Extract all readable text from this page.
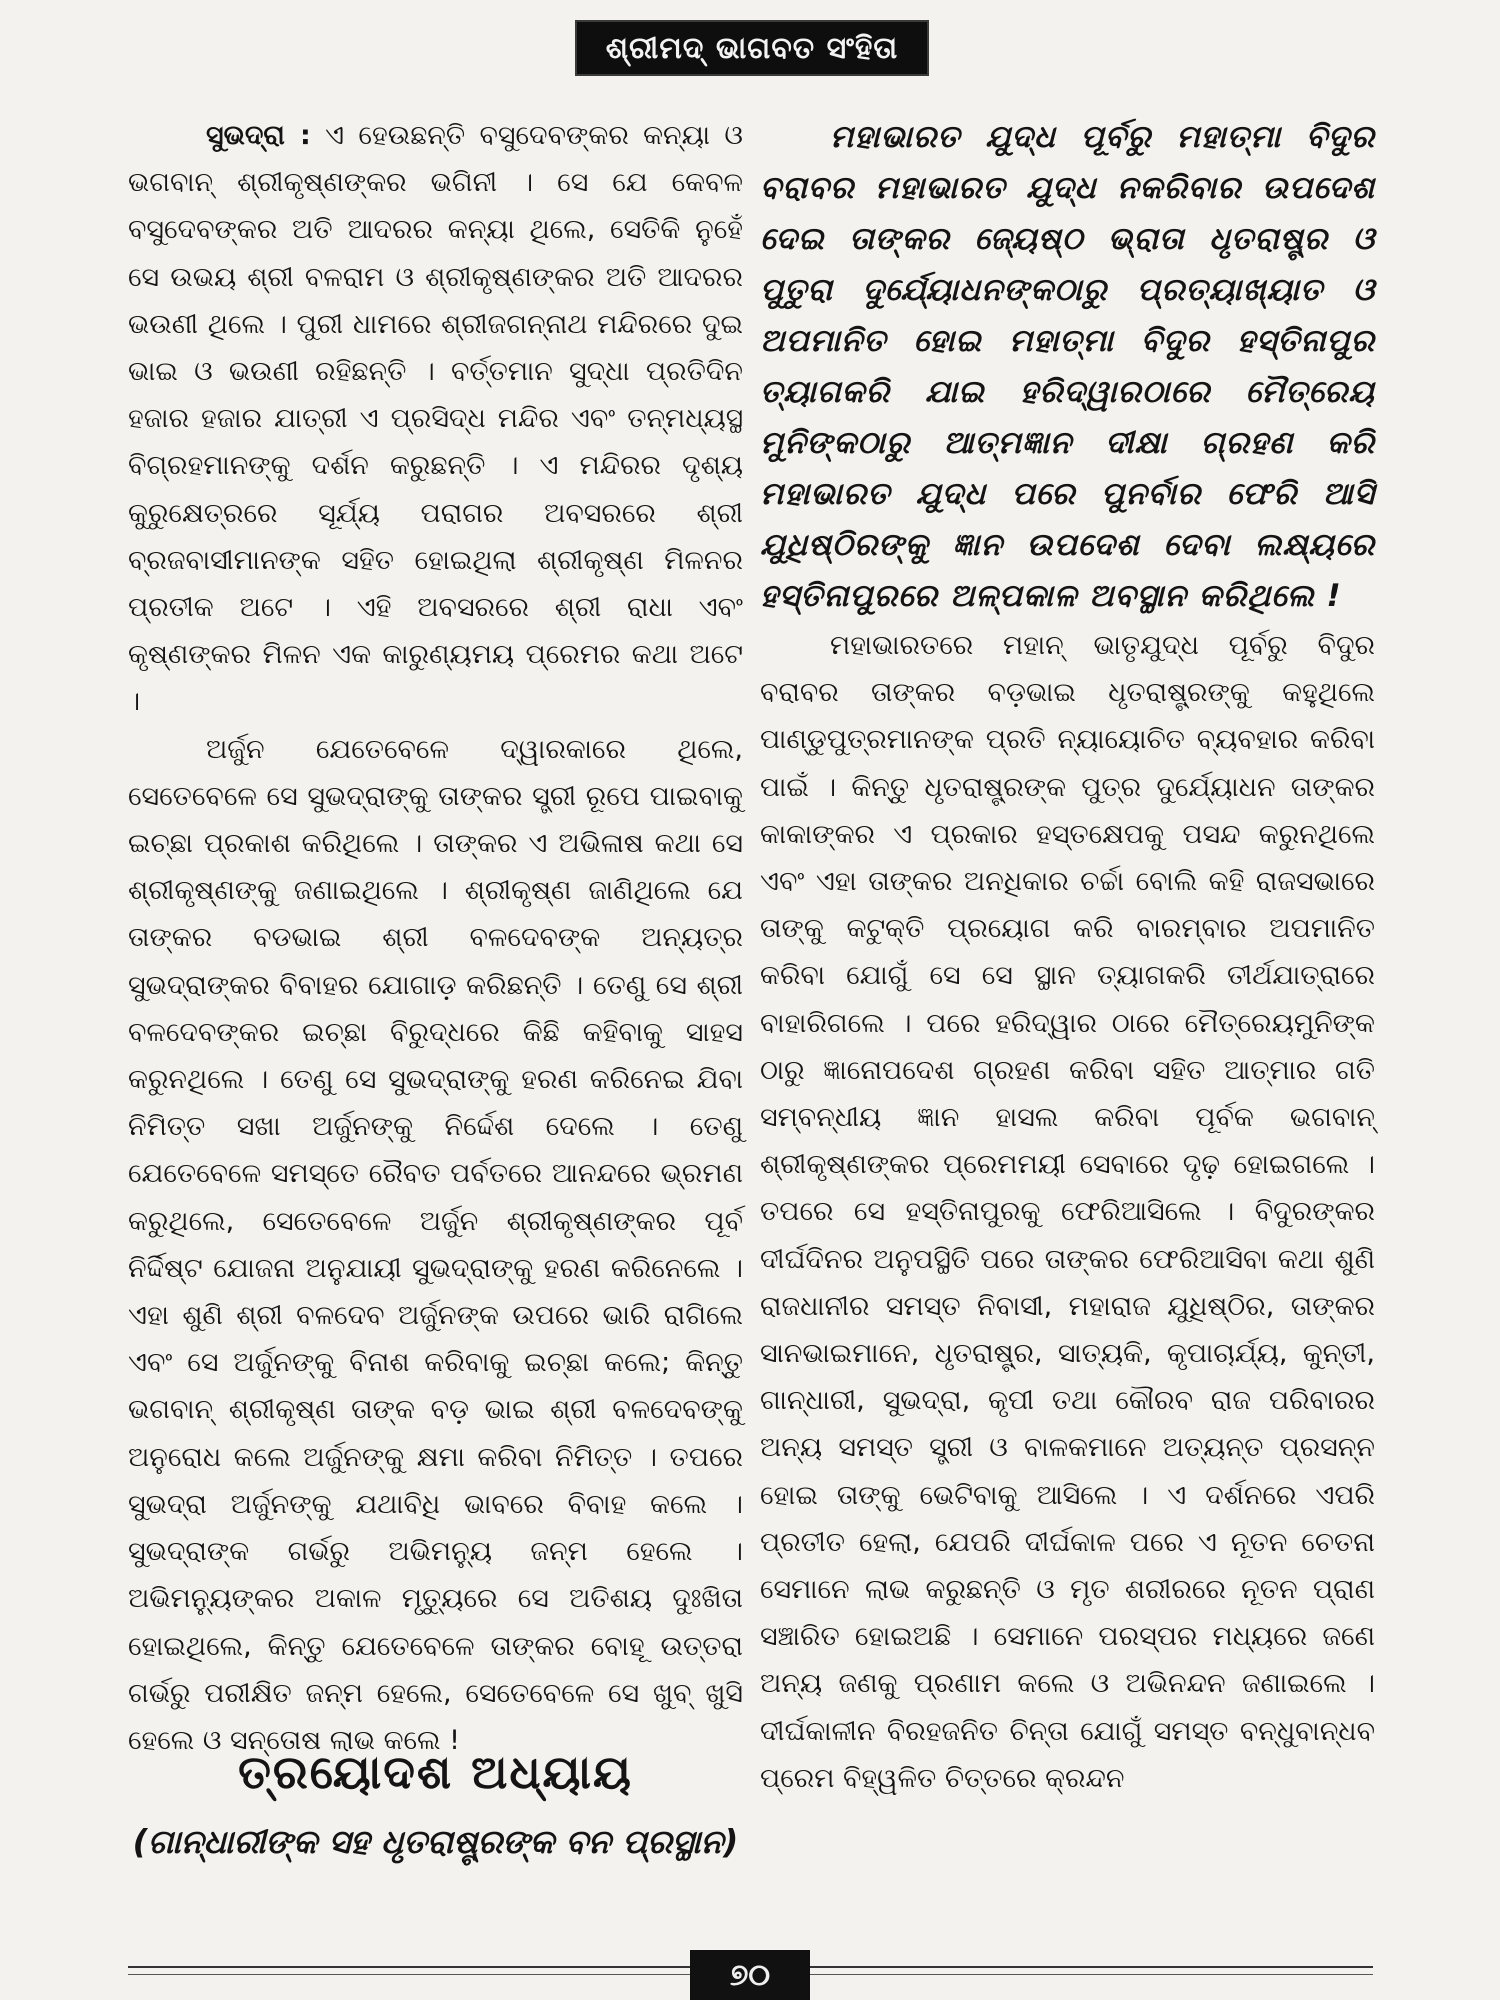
ଶ୍ରୀମଦ୍ ଭାଗବତ ସଂହିତା

ସୁଭଦ୍ରା : ଏ ହେଉଛନ୍ତି ବସୁଦେବଙ୍କର କନ୍ୟା ଓ ଭଗବାନ୍ ଶ୍ରୀକୃଷ୍ଣଙ୍କର ଭଗିନୀ । ସେ ଯେ କେବଳ ବସୁଦେବଙ୍କର ଅତି ଆଦରର କନ୍ୟା ଥିଲେ, ସେତିକି ନୁହେଁ ସେ ଉଭୟ ଶ୍ରୀ ବଳରାମ ଓ ଶ୍ରୀକୃଷ୍ଣଙ୍କର ଅତି ଆଦରର ଭଉଣୀ ଥିଲେ । ପୁରୀ ଧାମରେ ଶ୍ରୀଜଗନ୍ନାଥ ମନ୍ଦିରରେ ଦୁଇ ଭାଇ ଓ ଭଉଣୀ ରହିଛନ୍ତି । ବର୍ତ୍ତମାନ ସୁଦ୍ଧା ପ୍ରତିଦିନ ହଜାର ହଜାର ଯାତ୍ରୀ ଏ ପ୍ରସିଦ୍ଧ ମନ୍ଦିର ଏବଂ ତନ୍ମଧ୍ୟସ୍ଥ ବିଗ୍ରହମାନଙ୍କୁ ଦର୍ଶନ କରୁଛନ୍ତି । ଏ ମନ୍ଦିରର ଦୃଶ୍ୟ କୁରୁକ୍ଷେତ୍ରରେ ସୂର୍ଯ୍ୟ ପରାଗର ଅବସରରେ ଶ୍ରୀ ବ୍ରଜବାସୀମାନଙ୍କ ସହିତ ହୋଇଥିଲା ଶ୍ରୀକୃଷ୍ଣ ମିଳନର ପ୍ରତୀକ ଅଟେ । ଏହି ଅବସରରେ ଶ୍ରୀ ରାଧା ଏବଂ କୃଷ୍ଣଙ୍କର ମିଳନ ଏକ କାରୁଣ୍ୟମୟ ପ୍ରେମର କଥା ଅଟେ ।

ଅର୍ଜୁନ ଯେତେବେଳେ ଦ୍ୱାରକାରେ ଥିଲେ, ସେତେବେଳେ ସେ ସୁଭଦ୍ରାଙ୍କୁ ତାଙ୍କର ସ୍ତ୍ରୀ ରୂପେ ପାଇବାକୁ ଇଚ୍ଛା ପ୍ରକାଶ କରିଥିଲେ । ତାଙ୍କର ଏ ଅଭିଳାଷ କଥା ସେ ଶ୍ରୀକୃଷ୍ଣଙ୍କୁ ଜଣାଇଥିଲେ । ଶ୍ରୀକୃଷ୍ଣ ଜାଣିଥିଲେ ଯେ ତାଙ୍କର ବଡଭାଇ ଶ୍ରୀ ବଳଦେବଙ୍କ ଅନ୍ୟତ୍ର ସୁଭଦ୍ରାଙ୍କର ବିବାହର ଯୋଗାଡ଼ କରିଛନ୍ତି । ତେଣୁ ସେ ଶ୍ରୀ ବଳଦେବଙ୍କର ଇଚ୍ଛା ବିରୁଦ୍ଧରେ କିଛି କହିବାକୁ ସାହସ କରୁନଥିଲେ । ତେଣୁ ସେ ସୁଭଦ୍ରାଙ୍କୁ ହରଣ କରିନେଇ ଯିବା ନିମିତ୍ତ ସଖା ଅର୍ଜୁନଙ୍କୁ ନିର୍ଦ୍ଦେଶ ଦେଲେ । ତେଣୁ ଯେତେବେଳେ ସମସ୍ତେ ରୈବତ ପର୍ବତରେ ଆନନ୍ଦରେ ଭ୍ରମଣ କରୁଥିଲେ, ସେତେବେଳେ ଅର୍ଜୁନ ଶ୍ରୀକୃଷ୍ଣଙ୍କର ପୂର୍ବ ନିର୍ଦ୍ଦିଷ୍ଟ ଯୋଜନା ଅନୁଯାୟୀ ସୁଭଦ୍ରାଙ୍କୁ ହରଣ କରିନେଲେ । ଏହା ଶୁଣି ଶ୍ରୀ ବଳଦେବ ଅର୍ଜୁନଙ୍କ ଉପରେ ଭାରି ରାଗିଲେ ଏବଂ ସେ ଅର୍ଜୁନଙ୍କୁ ବିନାଶ କରିବାକୁ ଇଚ୍ଛା କଲେ; କିନ୍ତୁ ଭଗବାନ୍ ଶ୍ରୀକୃଷ୍ଣ ତାଙ୍କ ବଡ଼ ଭାଇ ଶ୍ରୀ ବଳଦେବଙ୍କୁ ଅନୁରୋଧ କଲେ ଅର୍ଜୁନଙ୍କୁ କ୍ଷମା କରିବା ନିମିତ୍ତ । ତପରେ ସୁଭଦ୍ରା ଅର୍ଜୁନଙ୍କୁ ଯଥାବିଧି ଭାବରେ ବିବାହ କଲେ । ସୁଭଦ୍ରାଙ୍କ ଗର୍ଭରୁ ଅଭିମନ୍ୟୁ ଜନ୍ମ ହେଲେ । ଅଭିମନ୍ୟୁଙ୍କର ଅକାଳ ମୃତ୍ୟୁରେ ସେ ଅତିଶୟ ଦୁଃଖିତା ହୋଇଥିଲେ, କିନ୍ତୁ ଯେତେବେଳେ ତାଙ୍କର ବୋହୂ ଉତ୍ତରା ଗର୍ଭରୁ ପରୀକ୍ଷିତ ଜନ୍ମ ହେଲେ, ସେତେବେଳେ ସେ ଖୁବ୍ ଖୁସି ହେଲେ ଓ ସନ୍ତୋଷ ଲାଭ କଲେ !

ତ୍ରୟୋଦଶ ଅଧ୍ୟାୟ
(ଗାନ୍ଧାରୀଙ୍କ ସହ ଧୃତରାଷ୍ଟ୍ରଙ୍କ ବନ ପ୍ରସ୍ଥାନ)

ମହାଭାରତ ଯୁଦ୍ଧ ପୂର୍ବରୁ ମହାତ୍ମା ବିଦୁର ବରାବର ମହାଭାରତ ଯୁଦ୍ଧ ନକରିବାର ଉପଦେଶ ଦେଇ ତାଙ୍କର ଜ୍ୟେଷ୍ଠ ଭ୍ରାତା ଧୃତରାଷ୍ଟ୍ର ଓ ପୁତୁରା ଦୁର୍ଯ୍ୟୋଧନଙ୍କଠାରୁ ପ୍ରତ୍ୟାଖ୍ୟାତ ଓ ଅପମାନିତ ହୋଇ ମହାତ୍ମା ବିଦୁର ହସ୍ତିନାପୁର ତ୍ୟାଗକରି ଯାଇ ହରିଦ୍ୱାରଠାରେ ମୈତ୍ରେୟ ମୁନିଙ୍କଠାରୁ ଆତ୍ମଜ୍ଞାନ ଦୀକ୍ଷା ଗ୍ରହଣ କରି ମହାଭାରତ ଯୁଦ୍ଧ ପରେ ପୁନର୍ବାର ଫେରି ଆସି ଯୁଧିଷ୍ଠିରଙ୍କୁ ଜ୍ଞାନ ଉପଦେଶ ଦେବା ଲକ୍ଷ୍ୟରେ ହସ୍ତିନାପୁରରେ ଅଳ୍ପକାଳ ଅବସ୍ଥାନ କରିଥିଲେ !

ମହାଭାରତରେ ମହାନ୍ ଭାତୃଯୁଦ୍ଧ ପୂର୍ବରୁ ବିଦୁର ବରାବର ତାଙ୍କର ବଡ଼ଭାଇ ଧୃତରାଷ୍ଟ୍ରଙ୍କୁ କହୁଥିଲେ ପାଣ୍ଡୁପୁତ୍ରମାନଙ୍କ ପ୍ରତି ନ୍ୟାୟୋଚିତ ବ୍ୟବହାର କରିବା ପାଇଁ । କିନ୍ତୁ ଧୃତରାଷ୍ଟ୍ରଙ୍କ ପୁତ୍ର ଦୁର୍ଯ୍ୟୋଧନ ତାଙ୍କର କାକାଙ୍କର ଏ ପ୍ରକାର ହସ୍ତକ୍ଷେପକୁ ପସନ୍ଦ କରୁନଥିଲେ ଏବଂ ଏହା ତାଙ୍କର ଅନଧିକାର ଚର୍ଚ୍ଚା ବୋଲି କହି ରାଜସଭାରେ ତାଙ୍କୁ କଟୁକ୍ତି ପ୍ରୟୋଗ କରି ବାରମ୍ବାର ଅପମାନିତ କରିବା ଯୋଗୁଁ ସେ ସେ ସ୍ଥାନ ତ୍ୟାଗକରି ତୀର୍ଥଯାତ୍ରାରେ ବାହାରିଗଲେ । ପରେ ହରିଦ୍ୱାର ଠାରେ ମୈତ୍ରେୟମୁନିଙ୍କ ଠାରୁ ଜ୍ଞାନୋପଦେଶ ଗ୍ରହଣ କରିବା ସହିତ ଆତ୍ମାର ଗତି ସମ୍ବନ୍ଧୀୟ ଜ୍ଞାନ ହାସଲ କରିବା ପୂର୍ବକ ଭଗବାନ୍ ଶ୍ରୀକୃଷ୍ଣଙ୍କର ପ୍ରେମମୟୀ ସେବାରେ ଦୃଢ଼ ହୋଇଗଲେ । ତପରେ ସେ ହସ୍ତିନାପୁରକୁ ଫେରିଆସିଲେ । ବିଦୁରଙ୍କର ଦୀର୍ଘଦିନର ଅନୁପସ୍ଥିତି ପରେ ତାଙ୍କର ଫେରିଆସିବା କଥା ଶୁଣି ରାଜଧାନୀର ସମସ୍ତ ନିବାସୀ, ମହାରାଜ ଯୁଧିଷ୍ଠିର, ତାଙ୍କର ସାନଭାଇମାନେ, ଧୃତରାଷ୍ଟ୍ର, ସାତ୍ୟକି, କୃପାଚାର୍ଯ୍ୟ, କୁନ୍ତୀ, ଗାନ୍ଧାରୀ, ସୁଭଦ୍ରା, କୃପୀ ତଥା କୌରବ ରାଜ ପରିବାରର ଅନ୍ୟ ସମସ୍ତ ସ୍ତ୍ରୀ ଓ ବାଳକମାନେ ଅତ୍ୟନ୍ତ ପ୍ରସନ୍ନ ହୋଇ ତାଙ୍କୁ ଭେଟିବାକୁ ଆସିଲେ । ଏ ଦର୍ଶନରେ ଏପରି ପ୍ରତୀତ ହେଲା, ଯେପରି ଦୀର୍ଘକାଳ ପରେ ଏ ନୂତନ ଚେତନା ସେମାନେ ଲାଭ କରୁଛନ୍ତି ଓ ମୃତ ଶରୀରରେ ନୂତନ ପ୍ରାଣ ସଞ୍ଚାରିତ ହୋଇଅଛି । ସେମାନେ ପରସ୍ପର ମଧ୍ୟରେ ଜଣେ ଅନ୍ୟ ଜଣକୁ ପ୍ରଣାମ କଲେ ଓ ଅଭିନନ୍ଦନ ଜଣାଇଲେ । ଦୀର୍ଘକାଳୀନ ବିରହଜନିତ ଚିନ୍ତା ଯୋଗୁଁ ସମସ୍ତ ବନ୍ଧୁବାନ୍ଧବ ପ୍ରେମ ବିହ୍ୱଳିତ ଚିତ୍ତରେ କ୍ରନ୍ଦନ

୭୦
